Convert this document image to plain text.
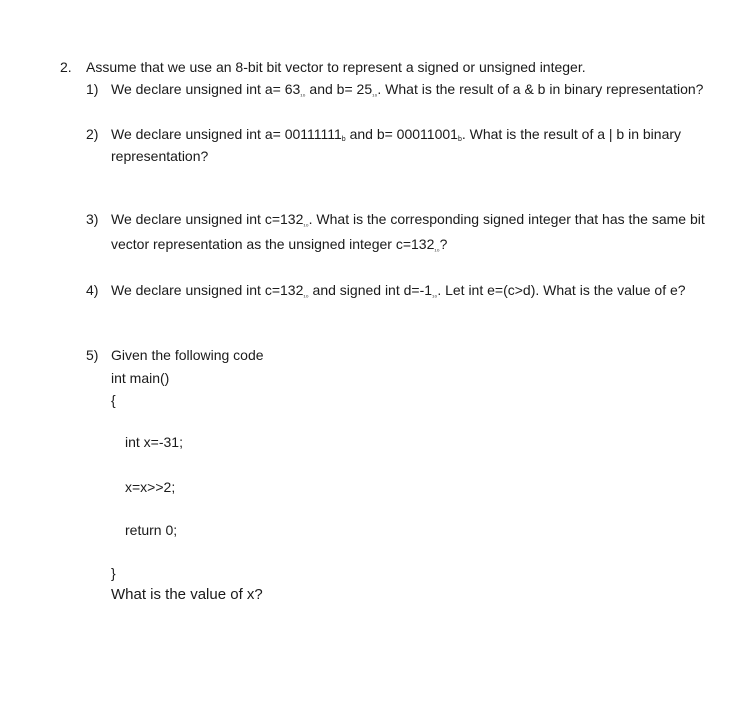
2. Assume that we use an 8-bit bit vector to represent a signed or unsigned integer.
1) We declare unsigned int $a= 63_{_{10}}$ and $b= 25_{_{10}}$. What is the result of a & b in binary representation?
2) We declare unsigned int $a= 00111111_b$ and $b= 00011001_b$. What is the result of a | b in binary
representation?
3) We declare unsigned int $c=132_{_{10}}$. What is the corresponding signed integer that has the same bit
vector representation as the unsigned integer $c=132_{_{10}}$?
4) We declare unsigned int $c=132_{_{10}}$ and signed int $d=-1_{_{10}}$. Let int e=(c>d). What is the value of e?
5) Given the following code
int main()
{
int x=-31;
x=x>>2;
return 0;
}
What is the value of x?
